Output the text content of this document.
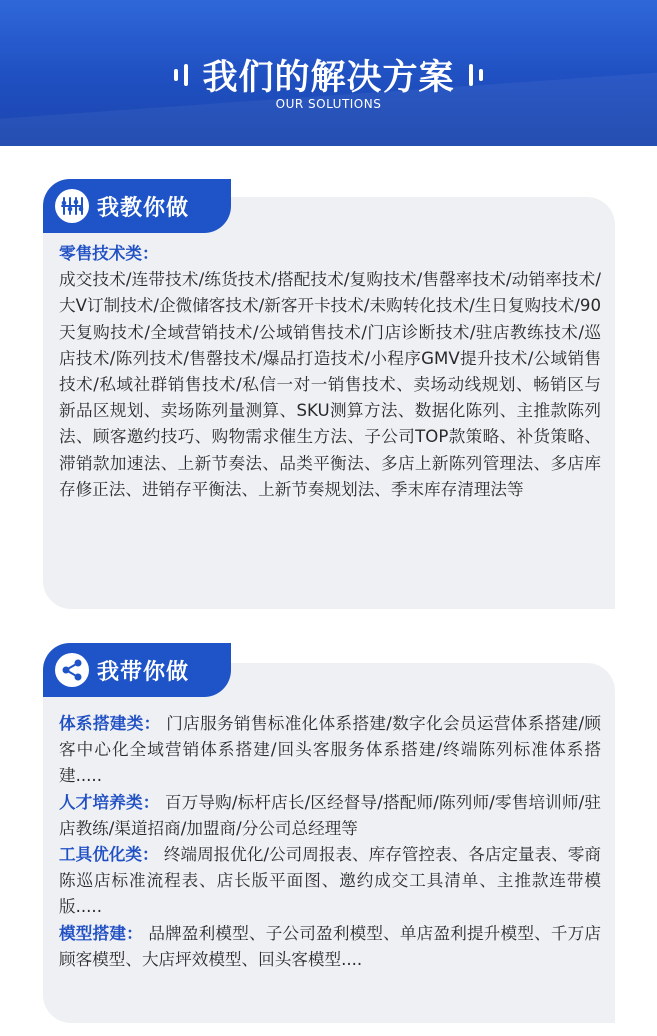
我们的解决方案
OUR SOLUTIONS
零售技术类：
成交技术/连带技术/练货技术/搭配技术/复购技术/售罄率技术/动销率技术/大V订制技术/企微储客技术/新客开卡技术/未购转化技术/生日复购技术/90天复购技术/全域营销技术/公域销售技术/门店诊断技术/驻店教练技术/巡店技术/陈列技术/售罄技术/爆品打造技术/小程序GMV提升技术/公域销售技术/私域社群销售技术/私信一对一销售技术、卖场动线规划、畅销区与新品区规划、卖场陈列量测算、SKU测算方法、数据化陈列、主推款陈列法、顾客邀约技巧、购物需求催生方法、子公司TOP款策略、补货策略、滞销款加速法、上新节奏法、品类平衡法、多店上新陈列管理法、多店库存修正法、进销存平衡法、上新节奏规划法、季末库存清理法等
我教你做
体系搭建类： 门店服务销售标准化体系搭建/数字化会员运营体系搭建/顾客中心化全域营销体系搭建/回头客服务体系搭建/终端陈列标准体系搭建.....
人才培养类： 百万导购/标杆店长/区经督导/搭配师/陈列师/零售培训师/驻店教练/渠道招商/加盟商/分公司总经理等
工具优化类： 终端周报优化/公司周报表、库存管控表、各店定量表、零商陈巡店标准流程表、店长版平面图、邀约成交工具清单、主推款连带模版.....
模型搭建： 品牌盈利模型、子公司盈利模型、单店盈利提升模型、千万店顾客模型、大店坪效模型、回头客模型....
我带你做
